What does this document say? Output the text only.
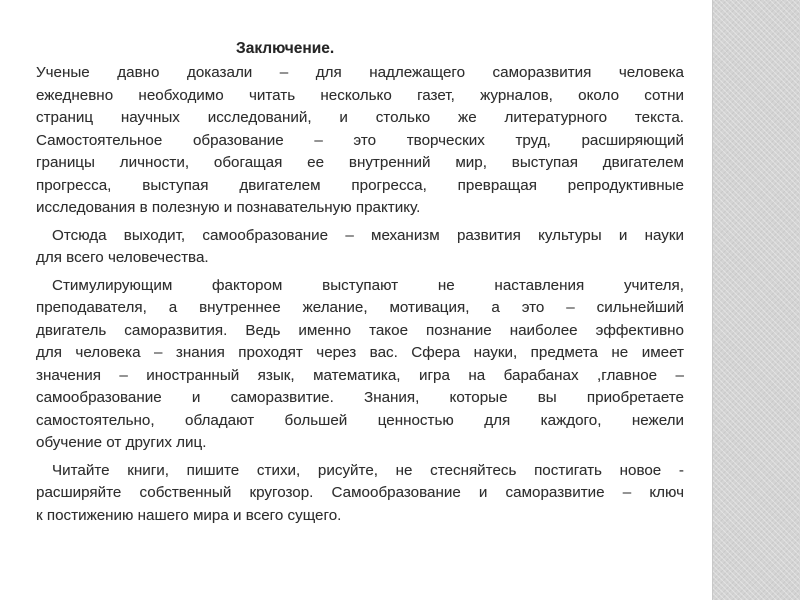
Заключение.
Ученые давно доказали – для надлежащего саморазвития человека
ежедневно необходимо читать несколько газет, журналов, около сотни
страниц научных исследований, и столько же литературного текста.
Самостоятельное образование – это творческих труд, расширяющий
границы личности, обогащая ее внутренний мир, выступая двигателем
прогресса, выступая двигателем прогресса, превращая репродуктивные
исследования в полезную и познавательную практику.
Отсюда выходит, самообразование – механизм развития культуры и науки
для всего человечества.
Стимулирующим фактором выступают не наставления учителя,
преподавателя, а внутреннее желание, мотивация, а это – сильнейший
двигатель саморазвития. Ведь именно такое познание наиболее эффективно
для человека – знания проходят через вас. Сфера науки, предмета не имеет
значения – иностранный язык, математика, игра на барабанах ,главное –
самообразование и саморазвитие. Знания, которые вы приобретаете
самостоятельно, обладают большей ценностью для каждого, нежели
обучение от других лиц.
Читайте книги, пишите стихи, рисуйте, не стесняйтесь постигать новое -
расширяйте собственный кругозор. Самообразование и саморазвитие – ключ
к постижению нашего мира и всего сущего.
